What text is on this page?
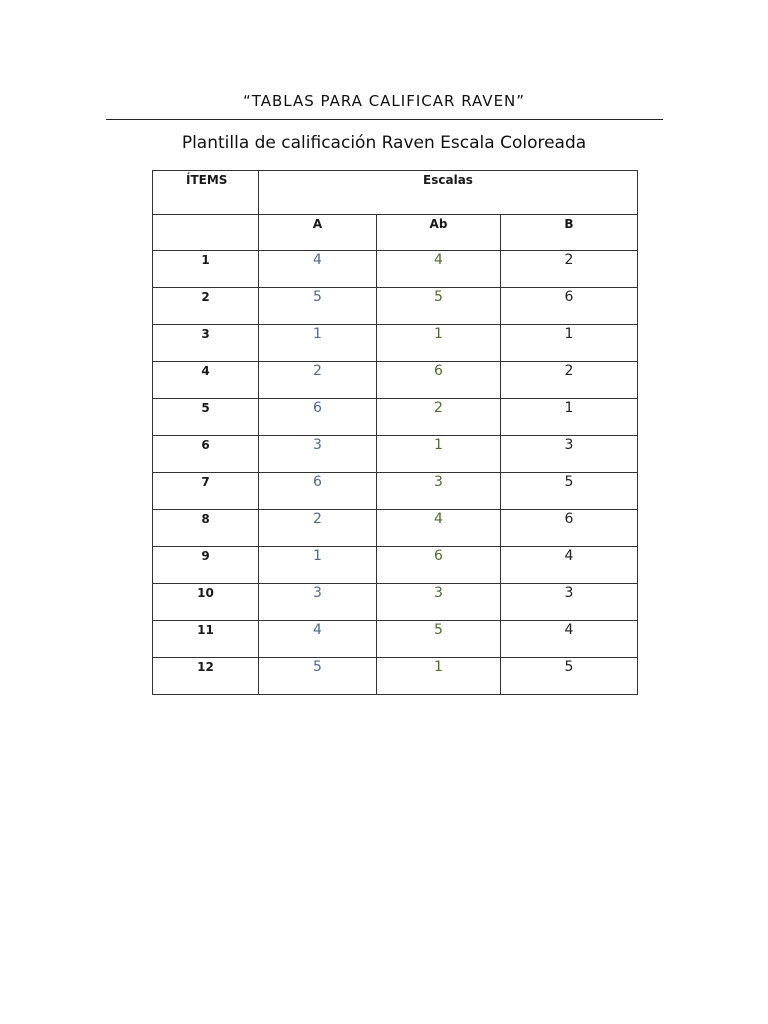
“TABLAS PARA CALIFICAR RAVEN”
Plantilla de calificación Raven Escala Coloreada
ÍTEMS	Escalas		
	A	Ab	B
1	4	4	2
2	5	5	6
3	1	1	1
4	2	6	2
5	6	2	1
6	3	1	3
7	6	3	5
8	2	4	6
9	1	6	4
10	3	3	3
11	4	5	4
12	5	1	5
